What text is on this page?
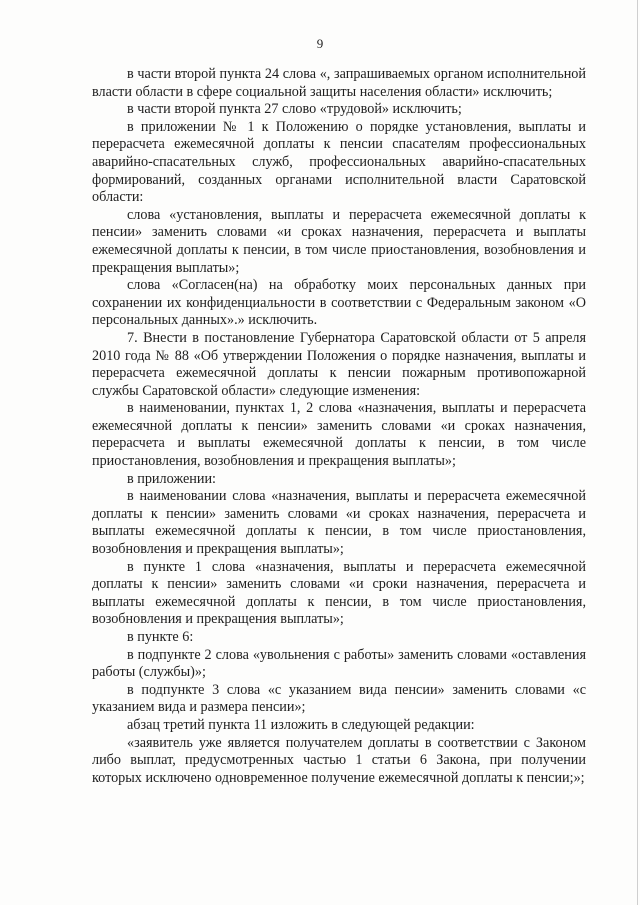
9

в части второй пункта 24 слова «, запрашиваемых органом исполнительной власти области в сфере социальной защиты населения области» исключить;

в части второй пункта 27 слово «трудовой» исключить;

в приложении № 1 к Положению о порядке установления, выплаты и перерасчета ежемесячной доплаты к пенсии спасателям профессиональных аварийно-спасательных служб, профессиональных аварийно-спасательных формирований, созданных органами исполнительной власти Саратовской области:

слова «установления, выплаты и перерасчета ежемесячной доплаты к пенсии» заменить словами «и сроках назначения, перерасчета и выплаты ежемесячной доплаты к пенсии, в том числе приостановления, возобновления и прекращения выплаты»;

слова «Согласен(на) на обработку моих персональных данных при сохранении их конфиденциальности в соответствии с Федеральным законом «О персональных данных».» исключить.

7. Внести в постановление Губернатора Саратовской области от 5 апреля 2010 года № 88 «Об утверждении Положения о порядке назначения, выплаты и перерасчета ежемесячной доплаты к пенсии пожарным противопожарной службы Саратовской области» следующие изменения:

в наименовании, пунктах 1, 2 слова «назначения, выплаты и перерасчета ежемесячной доплаты к пенсии» заменить словами «и сроках назначения, перерасчета и выплаты ежемесячной доплаты к пенсии, в том числе приостановления, возобновления и прекращения выплаты»;

в приложении:

в наименовании слова «назначения, выплаты и перерасчета ежемесячной доплаты к пенсии» заменить словами «и сроках назначения, перерасчета и выплаты ежемесячной доплаты к пенсии, в том числе приостановления, возобновления и прекращения выплаты»;

в пункте 1 слова «назначения, выплаты и перерасчета ежемесячной доплаты к пенсии» заменить словами «и сроки назначения, перерасчета и выплаты ежемесячной доплаты к пенсии, в том числе приостановления, возобновления и прекращения выплаты»;

в пункте 6:

в подпункте 2 слова «увольнения с работы» заменить словами «оставления работы (службы)»;

в подпункте 3 слова «с указанием вида пенсии» заменить словами «с указанием вида и размера пенсии»;

абзац третий пункта 11 изложить в следующей редакции:

«заявитель уже является получателем доплаты в соответствии с Законом либо выплат, предусмотренных частью 1 статьи 6 Закона, при получении которых исключено одновременное получение ежемесячной доплаты к пенсии;»;
